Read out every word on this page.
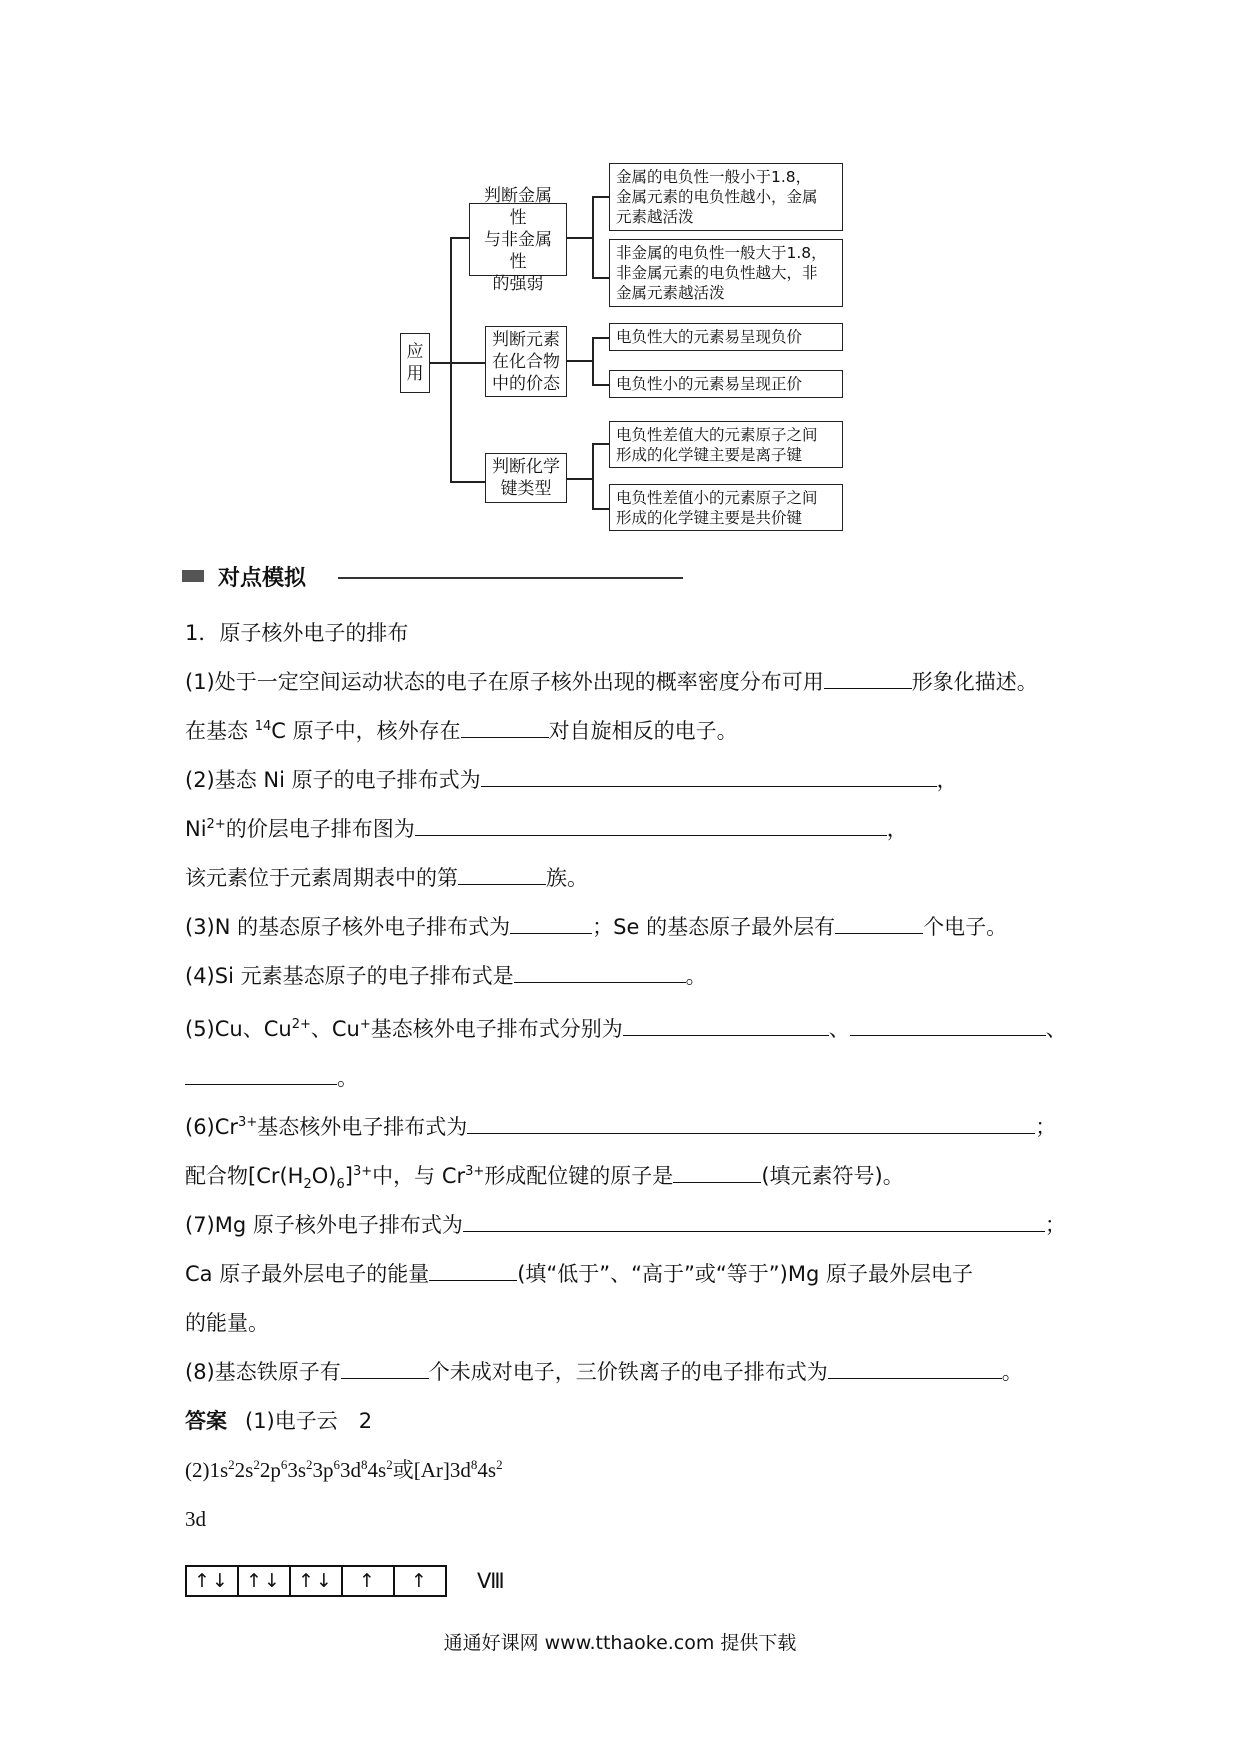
应
用
判断金属性
与非金属性
的强弱
金属的电负性一般小于1.8，
金属元素的电负性越小，金属
元素越活泼
非金属的电负性一般大于1.8，
非金属元素的电负性越大，非
金属元素越活泼
判断元素
在化合物
中的价态
电负性大的元素易呈现负价
电负性小的元素易呈现正价
判断化学
键类型
电负性差值大的元素原子之间
形成的化学键主要是离子键
电负性差值小的元素原子之间
形成的化学键主要是共价键
对点模拟
1．原子核外电子的排布
(1)处于一定空间运动状态的电子在原子核外出现的概率密度分布可用	形象化描述。
在基态 $^{14}$C 原子中，核外存在	对自旋相反的电子。
(2)基态 Ni 原子的电子排布式为	，
$Ni^{2+}$的价层电子排布图为	，
该元素位于元素周期表中的第	族。
(3)N 的基态原子核外电子排布式为	；Se 的基态原子最外层有	个电子。
(4)Si 元素基态原子的电子排布式是	。
(5)Cu、$Cu^{2+}$、Cu+基态核外电子排布式分别为	、	、
。
$(6)Cr^{3+}$基态核外电子排布式为	；
配合物$[Cr(H_2O)_6]^{3+}$中，与 $Cr^{3+}$形成配位键的原子是	(填元素符号)。
(7)Mg 原子核外电子排布式为	；
Ca 原子最外层电子的能量	(填“低于”、“高于”或“等于”)Mg 原子最外层电子
的能量。
(8)基态铁原子有	个未成对电子，三价铁离子的电子排布式为	。
答案 (1)电子云　2
$(2)1s^22s^22p^63s^23p^63d^84s^2$或$[Ar]3d^84s^2$
3d
↑↓ ↑↓ ↑↓	↑	↑	Ⅷ
通通好课网 www.tthaoke.com 提供下载
